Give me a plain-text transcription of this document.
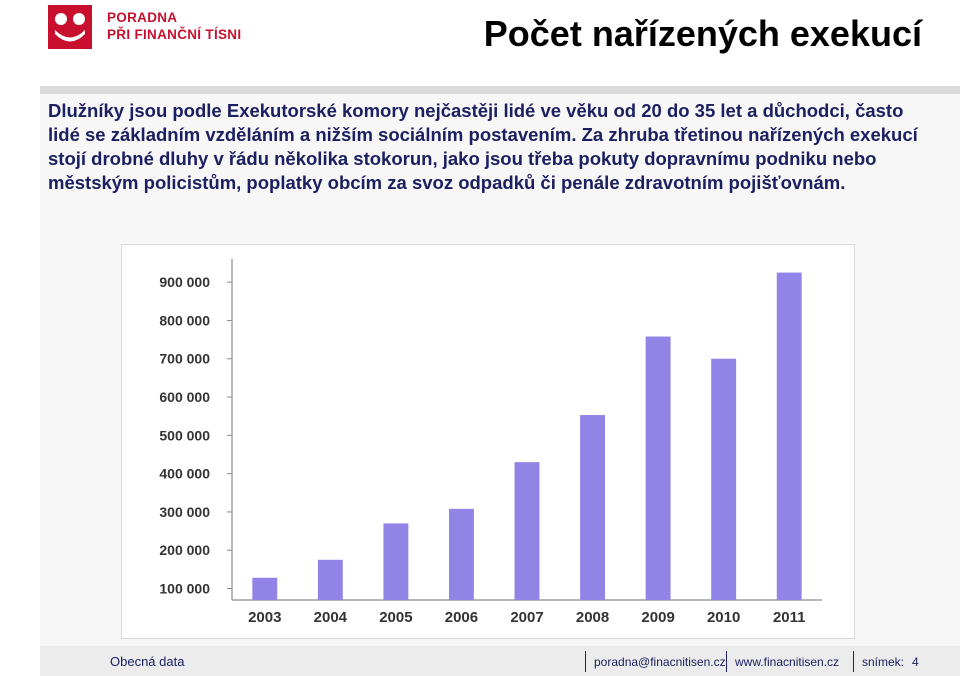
PORADNA
PŘI FINANČNÍ TÍSNI	Počet nařízených exekucí

Dlužníky jsou podle Exekutorské komory nejčastěji lidé ve věku od 20 do 35 let a důchodci, často lidé se základním vzděláním a nižším sociálním postavením. Za zhruba třetinou nařízených exekucí stojí drobné dluhy v řádu několika stokorun, jako jsou třeba pokuty dopravnímu podniku nebo městským policistům, poplatky obcím za svoz odpadků či penále zdravotním pojišťovnám.

100 000
200 000
300 000
400 000
500 000
600 000
700 000
800 000
900 000
2003 2004 2005 2006 2007 2008 2009 2010 2011
Obecná data	poradna@finacnitisen.cz www.finacnitisen.cz snímek: 4
